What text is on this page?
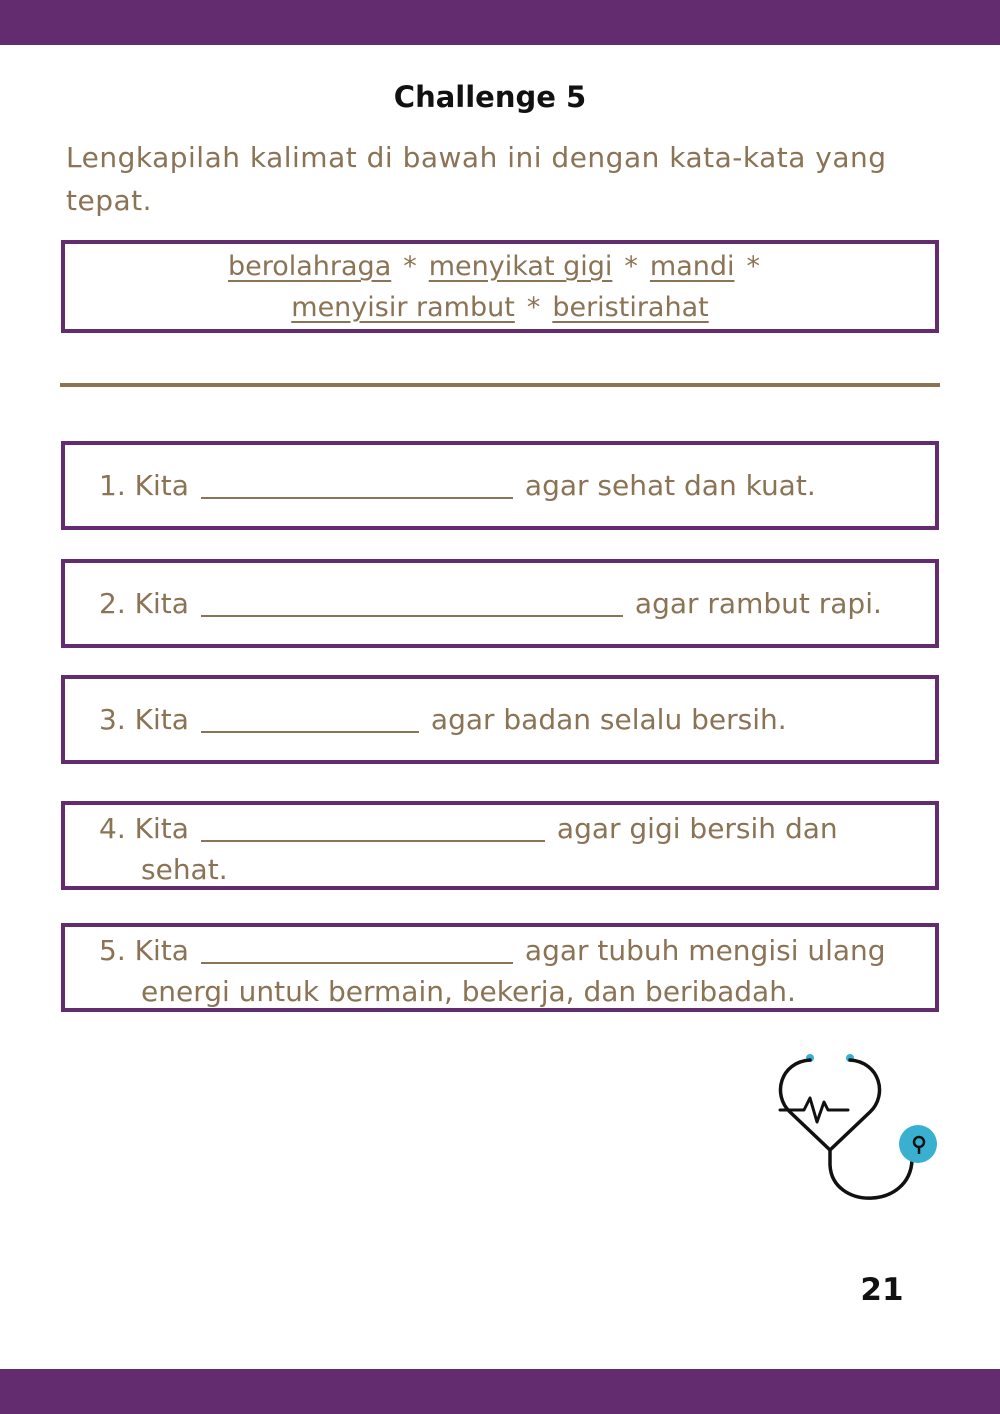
Challenge 5

Lengkapilah kalimat di bawah ini dengan kata-kata yang tepat.

berolahraga * menyikat gigi * mandi *
menyisir rambut * beristirahat
1. Kita	agar sehat dan kuat.
2. Kita	agar rambut rapi.
3. Kita	agar badan selalu bersih.
4. Kita	agar gigi bersih dan
sehat.
5. Kita	agar tubuh mengisi ulang
energi untuk bermain, bekerja, dan beribadah.
21
